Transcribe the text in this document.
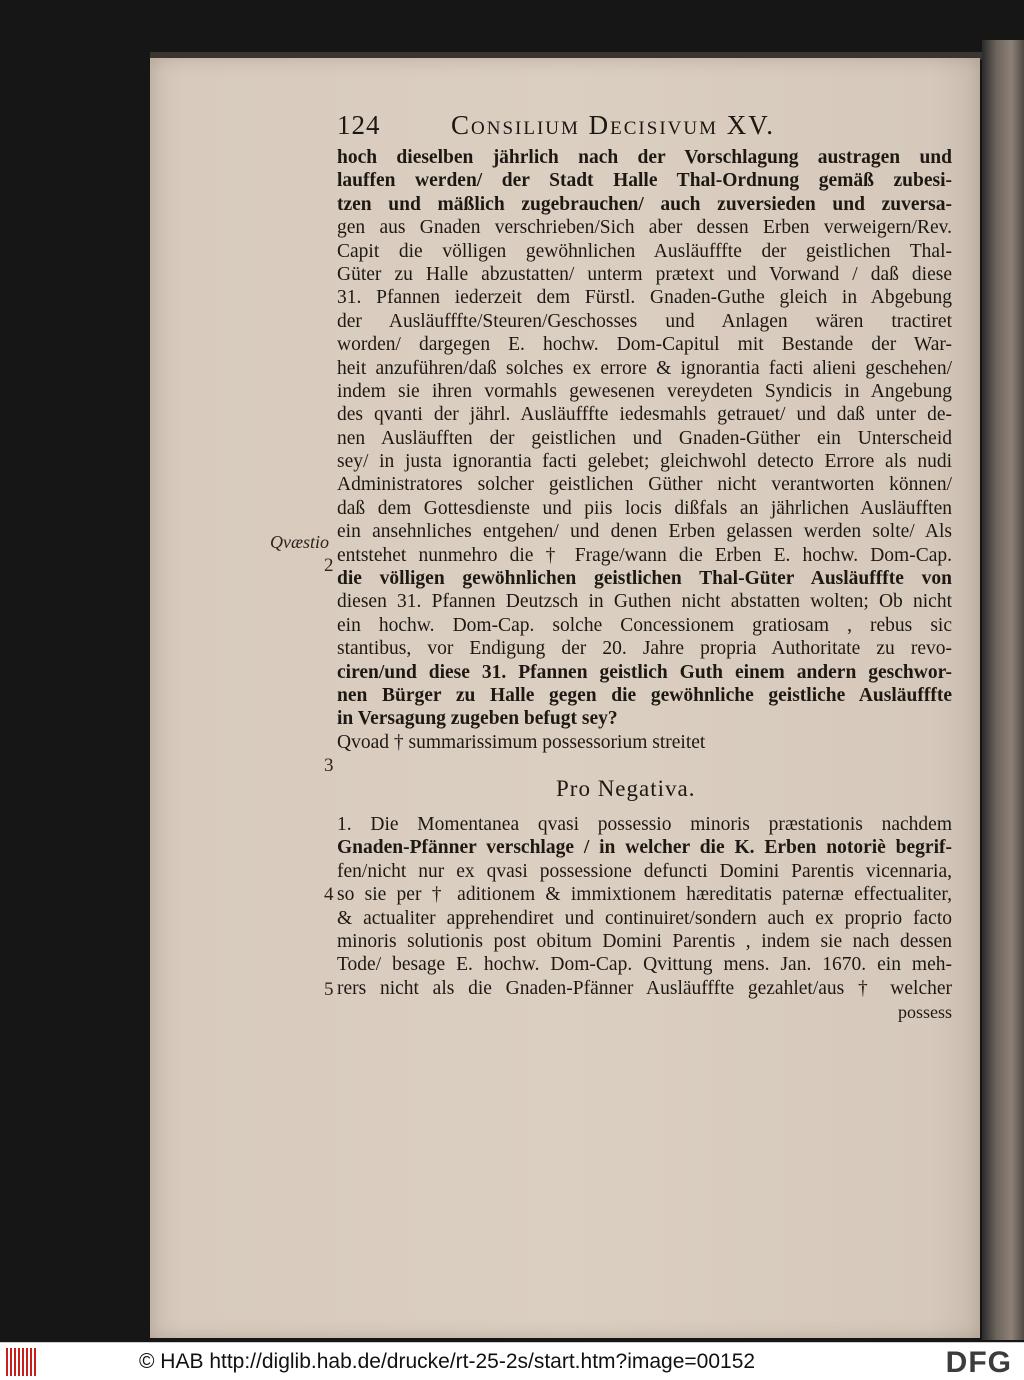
124	Consilium Decisivum XV.
hoch dieselben jährlich nach der Vorschlagung austragen und
lauffen werden/ der Stadt Halle Thal-Ordnung gemäß zubesi-
tzen und mäßlich zugebrauchen/ auch zuversieden und zuversa-
gen aus Gnaden verschrieben/Sich aber dessen Erben verweigern/Rev.
Capit die völligen gewöhnlichen Ausläufffte der geistlichen Thal-
Güter zu Halle abzustatten/ unterm prætext und Vorwand / daß diese
31. Pfannen iederzeit dem Fürstl. Gnaden-Guthe gleich in Abgebung
der Ausläufffte/Steuren/Geschosses und Anlagen wären tractiret
worden/ dargegen E. hochw. Dom-Capitul mit Bestande der War-
heit anzuführen/daß solches ex errore & ignorantia facti alieni geschehen/
indem sie ihren vormahls gewesenen vereydeten Syndicis in Angebung
des qvanti der jährl. Ausläufffte iedesmahls getrauet/ und daß unter de-
nen Ausläufften der geistlichen und Gnaden-Güther ein Unterscheid
sey/ in justa ignorantia facti gelebet; gleichwohl detecto Errore als nudi
Administratores solcher geistlichen Güther nicht verantworten können/
daß dem Gottesdienste und piis locis dißfals an jährlichen Ausläufften
ein ansehnliches entgehen/ und denen Erben gelassen werden solte/ Als
entstehet nunmehro die † Frage/wann die Erben E. hochw. Dom-Cap.
die völligen gewöhnlichen geistlichen Thal-Güter Ausläufffte von
diesen 31. Pfannen Deutzsch in Guthen nicht abstatten wolten; Ob nicht
ein hochw. Dom-Cap. solche Concessionem gratiosam , rebus sic
stantibus, vor Endigung der 20. Jahre propria Authoritate zu revo-
ciren/und diese 31. Pfannen geistlich Guth einem andern geschwor-
nen Bürger zu Halle gegen die gewöhnliche geistliche Ausläufffte
in Versagung zugeben befugt sey?
Qvoad † summarissimum possessorium streitet
Pro Negativa.
1. Die Momentanea qvasi possessio minoris præstationis nachdem
Gnaden-Pfänner verschlage / in welcher die K. Erben notoriè begrif-
fen/nicht nur ex qvasi possessione defuncti Domini Parentis vicennaria,
so sie per † aditionem & immixtionem hæreditatis paternæ effectualiter,
& actualiter apprehendiret und continuiret/sondern auch ex proprio facto
minoris solutionis post obitum Domini Parentis , indem sie nach dessen
Tode/ besage E. hochw. Dom-Cap. Qvittung mens. Jan. 1670. ein meh-
rers nicht als die Gnaden-Pfänner Ausläufffte gezahlet/aus † welcher
possess
Qvæstio
2
3
4
5
© HAB http://diglib.hab.de/drucke/rt-25-2s/start.htm?image=00152	DFG
